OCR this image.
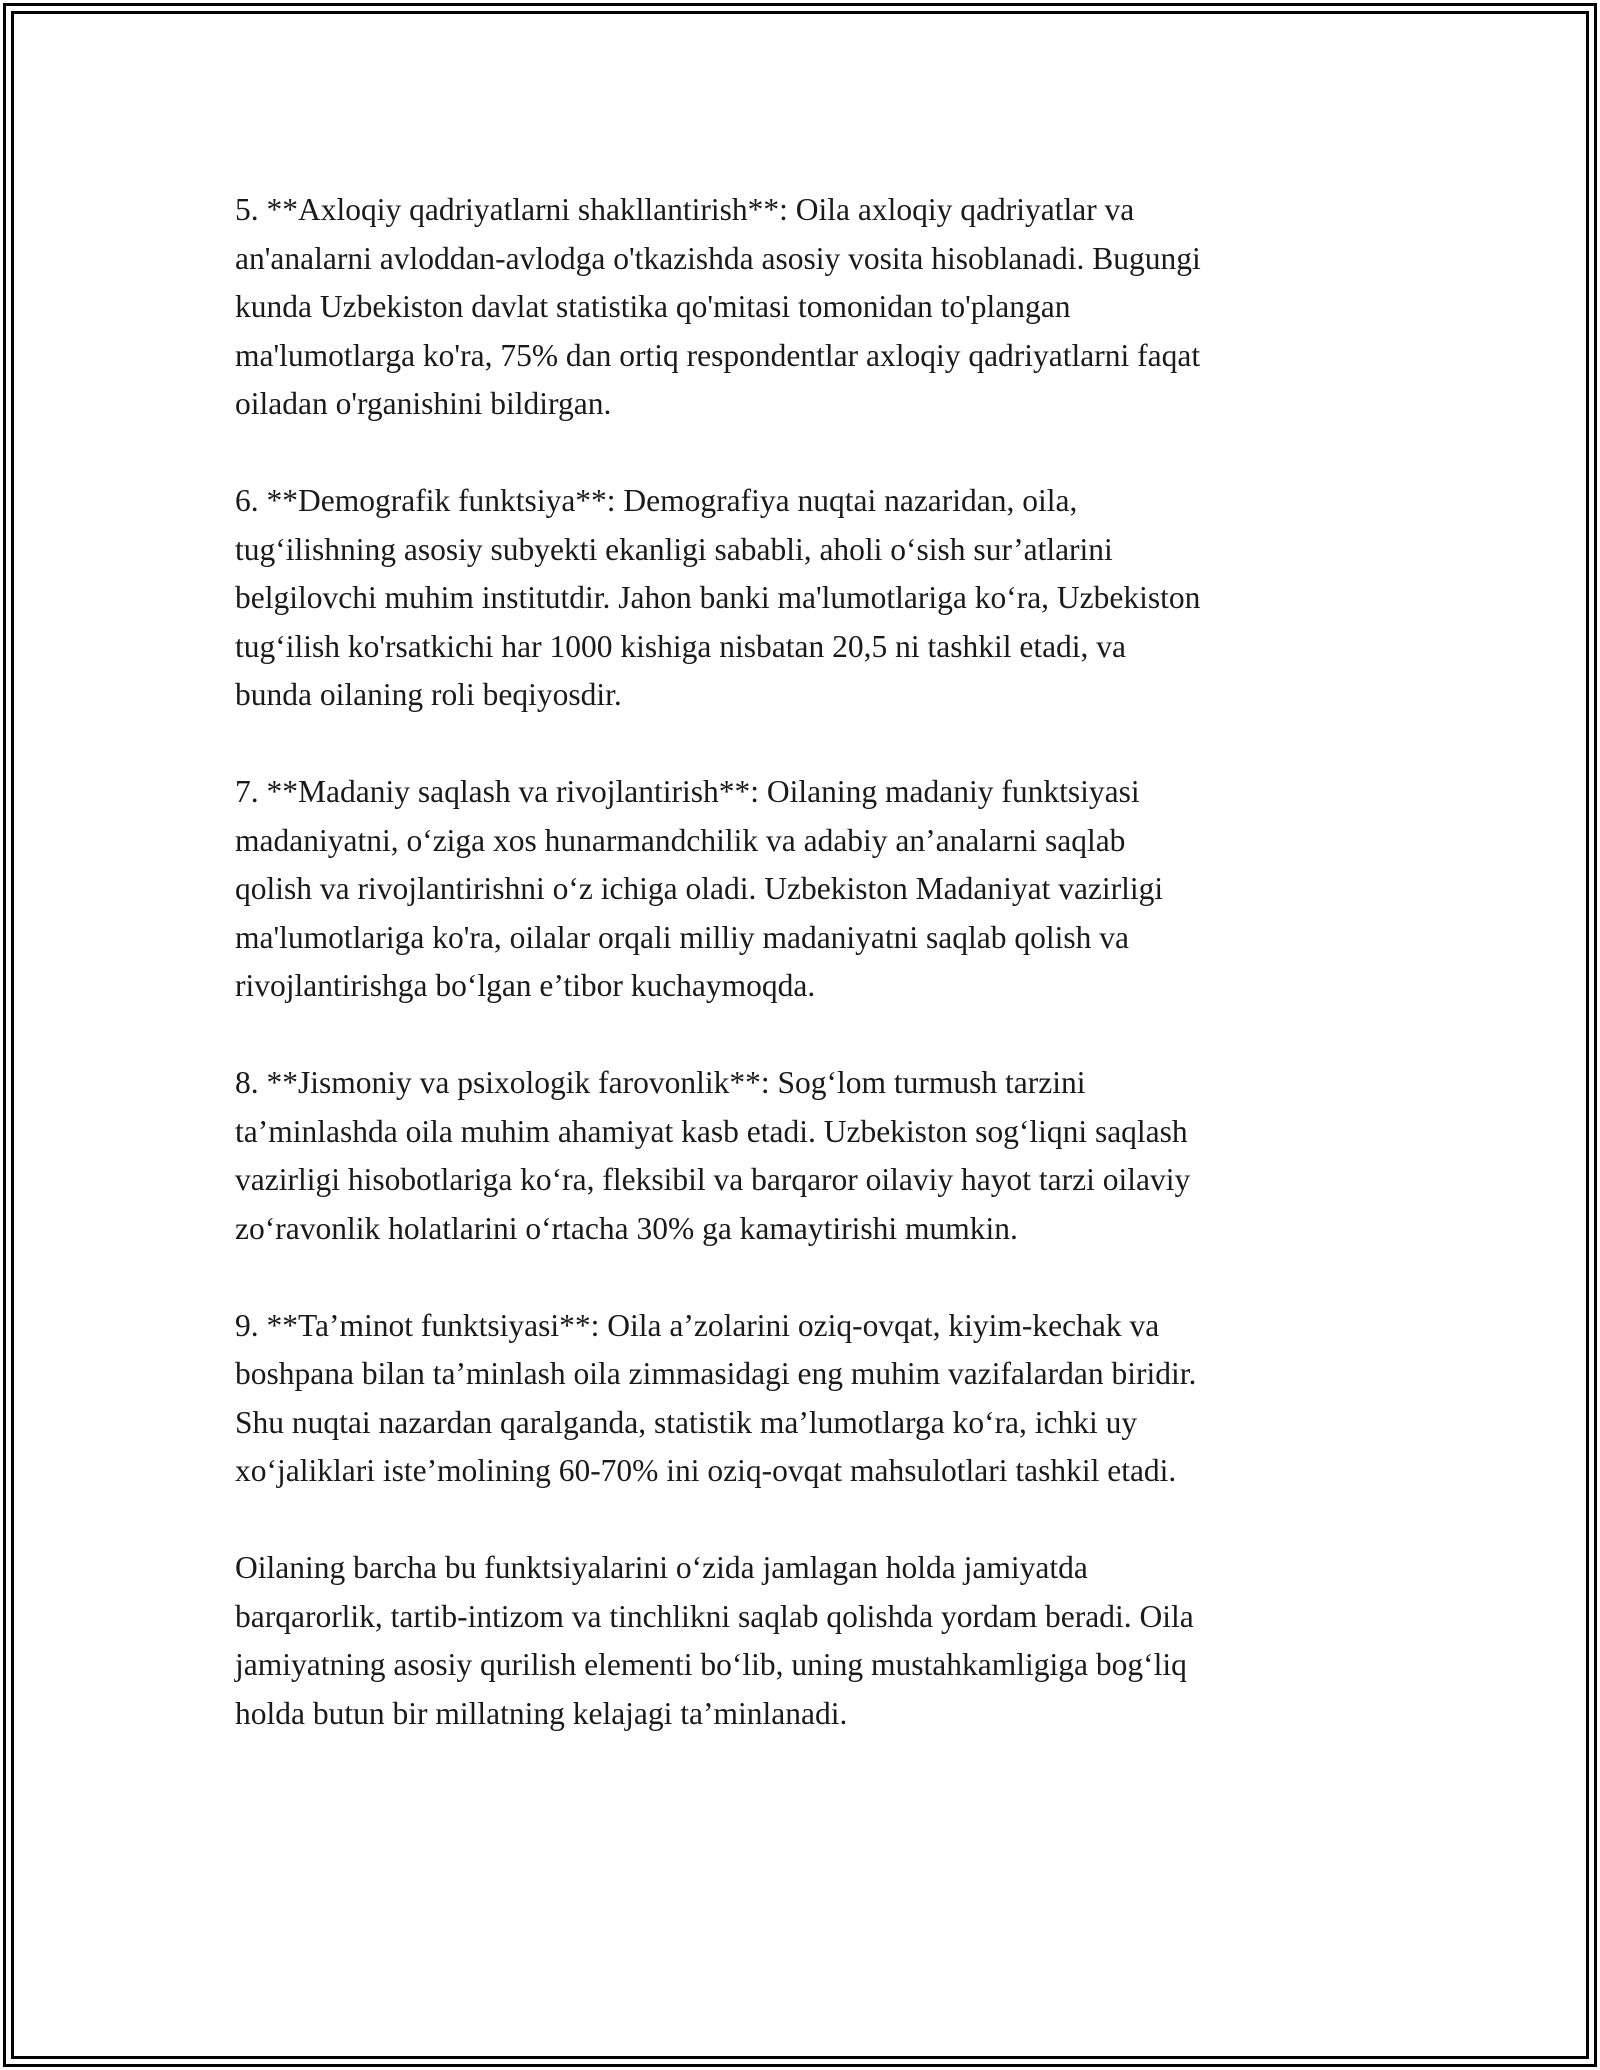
5. **Axloqiy qadriyatlarni shakllantirish**: Oila axloqiy qadriyatlar va
an'analarni avloddan-avlodga o'tkazishda asosiy vosita hisoblanadi. Bugungi
kunda Uzbekiston davlat statistika qo'mitasi tomonidan to'plangan
ma'lumotlarga ko'ra, 75% dan ortiq respondentlar axloqiy qadriyatlarni faqat
oiladan o'rganishini bildirgan.

6. **Demografik funktsiya**: Demografiya nuqtai nazaridan, oila,
tug‘ilishning asosiy subyekti ekanligi sababli, aholi o‘sish sur’atlarini
belgilovchi muhim institutdir. Jahon banki ma'lumotlariga ko‘ra, Uzbekiston
tug‘ilish ko'rsatkichi har 1000 kishiga nisbatan 20,5 ni tashkil etadi, va
bunda oilaning roli beqiyosdir.

7. **Madaniy saqlash va rivojlantirish**: Oilaning madaniy funktsiyasi
madaniyatni, o‘ziga xos hunarmandchilik va adabiy an’analarni saqlab
qolish va rivojlantirishni o‘z ichiga oladi. Uzbekiston Madaniyat vazirligi
ma'lumotlariga ko'ra, oilalar orqali milliy madaniyatni saqlab qolish va
rivojlantirishga bo‘lgan e’tibor kuchaymoqda.

8. **Jismoniy va psixologik farovonlik**: Sog‘lom turmush tarzini
ta’minlashda oila muhim ahamiyat kasb etadi. Uzbekiston sog‘liqni saqlash
vazirligi hisobotlariga ko‘ra, fleksibil va barqaror oilaviy hayot tarzi oilaviy
zo‘ravonlik holatlarini o‘rtacha 30% ga kamaytirishi mumkin.

9. **Ta’minot funktsiyasi**: Oila a’zolarini oziq-ovqat, kiyim-kechak va
boshpana bilan ta’minlash oila zimmasidagi eng muhim vazifalardan biridir.
Shu nuqtai nazardan qaralganda, statistik ma’lumotlarga ko‘ra, ichki uy
xo‘jaliklari iste’molining 60-70% ini oziq-ovqat mahsulotlari tashkil etadi.

Oilaning barcha bu funktsiyalarini o‘zida jamlagan holda jamiyatda
barqarorlik, tartib-intizom va tinchlikni saqlab qolishda yordam beradi. Oila
jamiyatning asosiy qurilish elementi bo‘lib, uning mustahkamligiga bog‘liq
holda butun bir millatning kelajagi ta’minlanadi.
